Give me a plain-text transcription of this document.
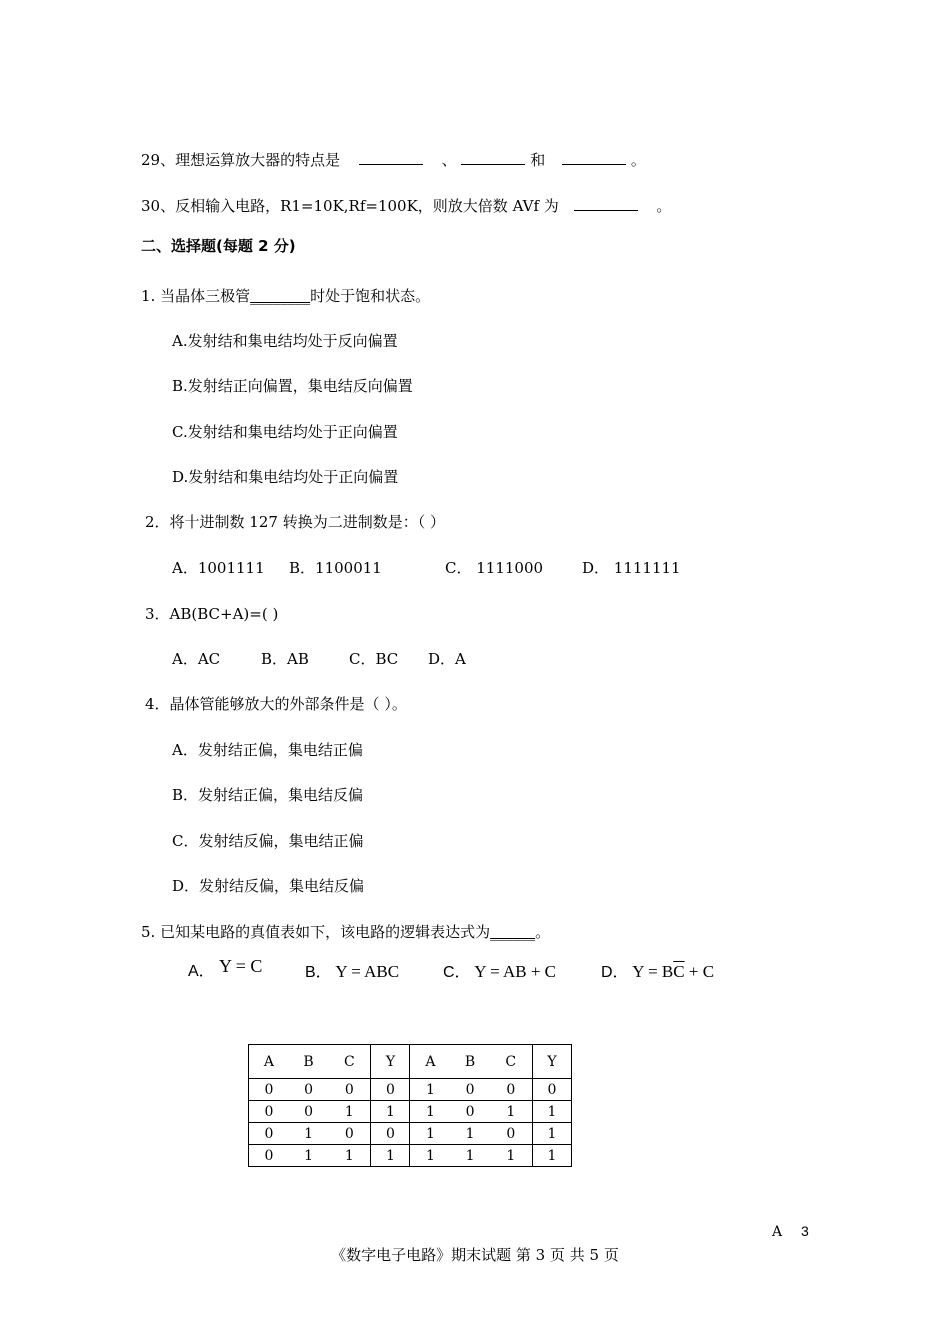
29、理想运算放大器的特点是	、	和	。
30、反相输入电路，R1=10K,Rf=100K，则放大倍数 AVf 为	。
二、选择题(每题 2 分)
1. 当晶体三极管________时处于饱和状态。
A.发射结和集电结均处于反向偏置
B.发射结正向偏置，集电结反向偏置
C.发射结和集电结均处于正向偏置
D.发射结和集电结均处于正向偏置
2．将十进制数 127 转换为二进制数是：（ ）
A．1001111 B．1100011	C． 1111000	D． 1111111
3．AB(BC+A)=( )
A．AC	B．AB	C．BC D．A
4．晶体管能够放大的外部条件是（ ）。
A．发射结正偏，集电结正偏
B．发射结正偏，集电结反偏
C．发射结反偏，集电结正偏
D．发射结反偏，集电结反偏
5. 已知某电路的真值表如下，该电路的逻辑表达式为______。
A． Y = C	B． Y = ABC	C． Y = AB + C	D． $Y = B\overline{C} + C$
A	B	C	Y	A	B	C	Y
0	0	0	0	1	0	0	0
0	0	1	1	1	0	1	1
0	1	0	0	1	1	0	1
0	1	1	1	1	1	1	1
A 3
《数字电子电路》期末试题 第 3 页 共 5 页
